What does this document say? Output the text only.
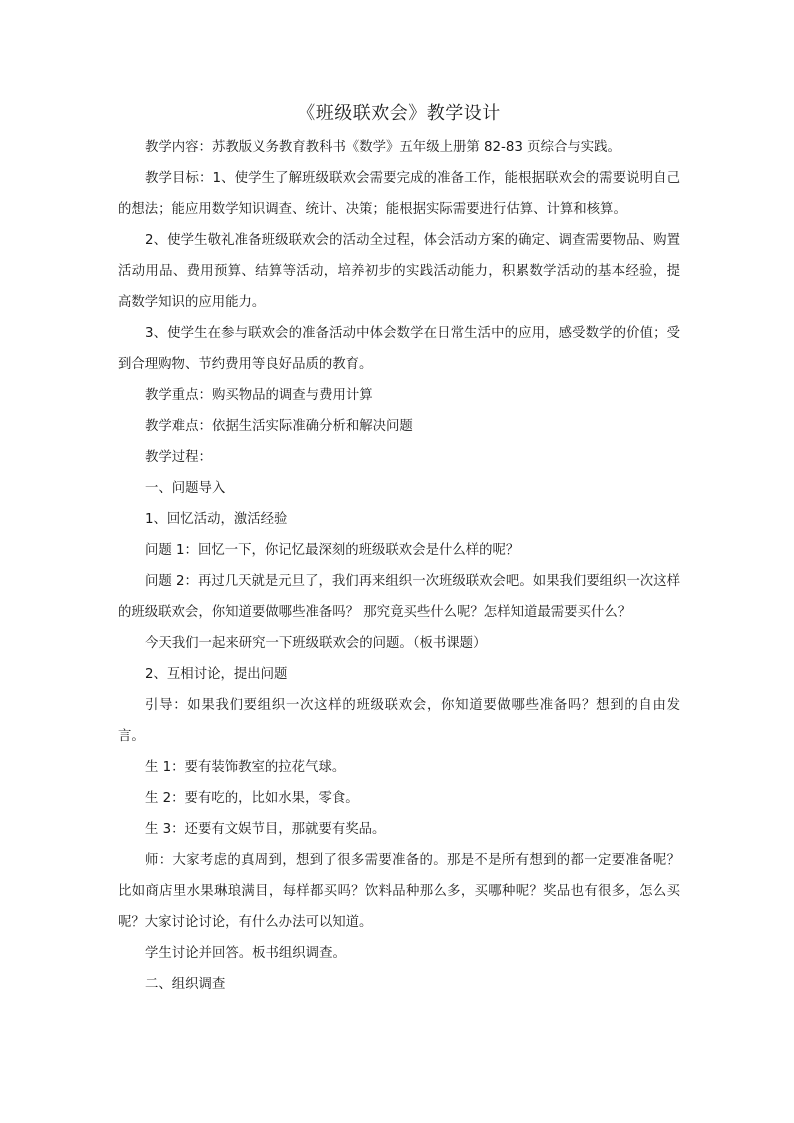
《班级联欢会》教学设计

教学内容：苏教版义务教育教科书《数学》五年级上册第 82-83 页综合与实践。

教学目标：1、使学生了解班级联欢会需要完成的准备工作，能根据联欢会的需要说明自己的想法；能应用数学知识调查、统计、决策；能根据实际需要进行估算、计算和核算。

2、使学生敬礼准备班级联欢会的活动全过程，体会活动方案的确定、调查需要物品、购置活动用品、费用预算、结算等活动，培养初步的实践活动能力，积累数学活动的基本经验，提高数学知识的应用能力。

3、使学生在参与联欢会的准备活动中体会数学在日常生活中的应用，感受数学的价值；受到合理购物、节约费用等良好品质的教育。

教学重点：购买物品的调查与费用计算

教学难点：依据生活实际准确分析和解决问题

教学过程：

一、问题导入

1、回忆活动，激活经验

问题 1：回忆一下，你记忆最深刻的班级联欢会是什么样的呢？

问题 2：再过几天就是元旦了，我们再来组织一次班级联欢会吧。如果我们要组织一次这样的班级联欢会，你知道要做哪些准备吗？ 那究竟买些什么呢？怎样知道最需要买什么？

今天我们一起来研究一下班级联欢会的问题。（板书课题）

2、互相讨论，提出问题

引导：如果我们要组织一次这样的班级联欢会，你知道要做哪些准备吗？想到的自由发言。

生 1：要有装饰教室的拉花气球。

生 2：要有吃的，比如水果，零食。

生 3：还要有文娱节目，那就要有奖品。

师：大家考虑的真周到，想到了很多需要准备的。那是不是所有想到的都一定要准备呢？比如商店里水果琳琅满目，每样都买吗？饮料品种那么多，买哪种呢？奖品也有很多，怎么买呢？大家讨论讨论，有什么办法可以知道。

学生讨论并回答。板书组织调查。

二、组织调查
